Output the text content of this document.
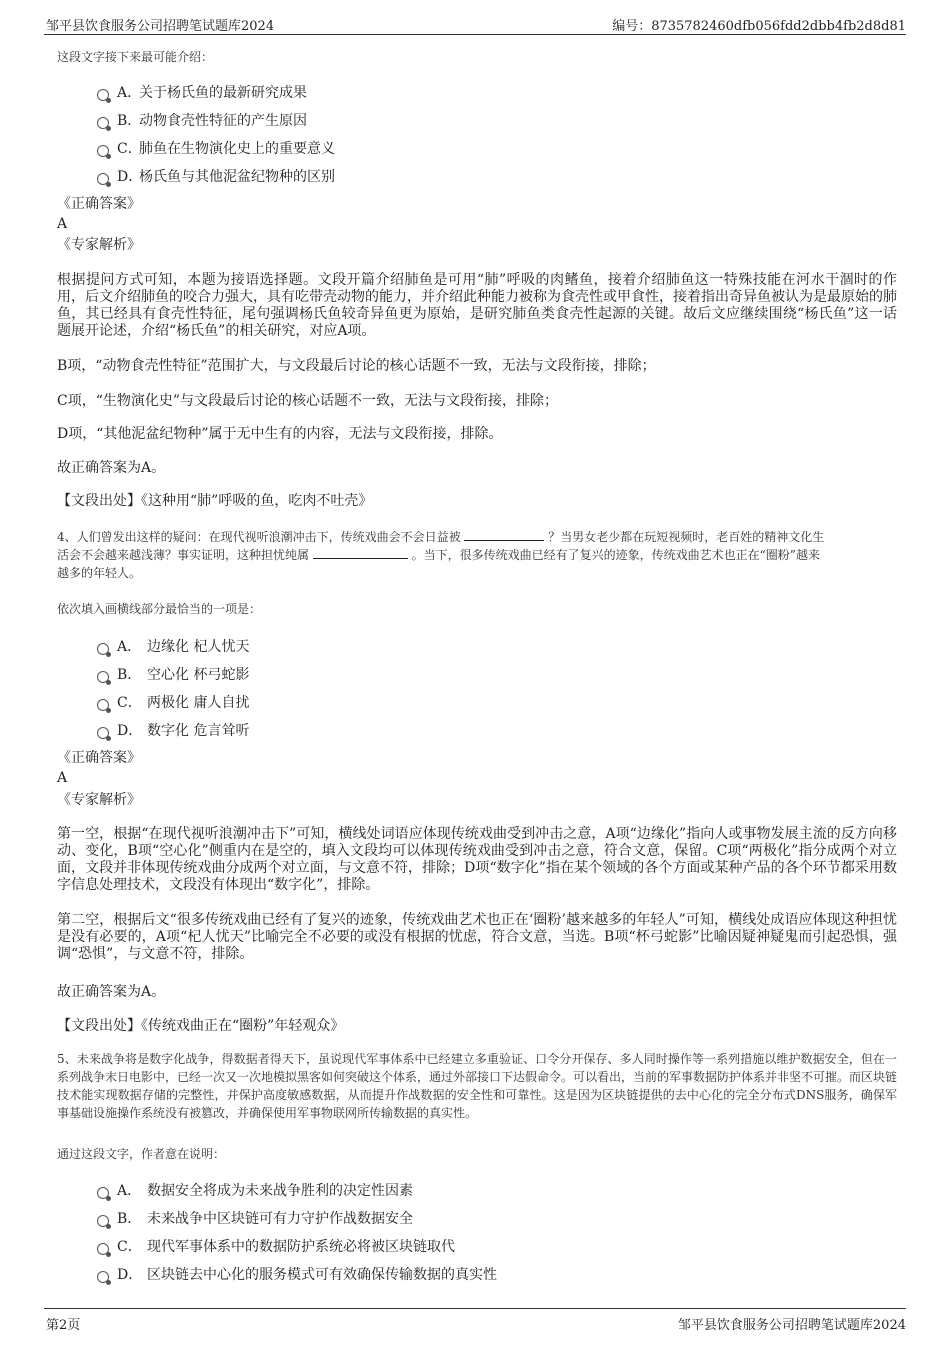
邹平县饮食服务公司招聘笔试题库2024	编号：8735782460dfb056fdd2dbb4fb2d8d81
这段文字接下来最可能介绍：
A．
关于杨氏鱼的最新研究成果
B．
动物食壳性特征的产生原因
C．
肺鱼在生物演化史上的重要意义
D．
杨氏鱼与其他泥盆纪物种的区别
《正确答案》
A
《专家解析》
根据提问方式可知，本题为接语选择题。文段开篇介绍肺鱼是可用“肺”呼吸的肉鳍鱼，接着介绍肺鱼这一特殊技能在河水干涸时的作用，后文介绍肺鱼的咬合力强大，具有吃带壳动物的能力，并介绍此种能力被称为食壳性或甲食性，接着指出奇异鱼被认为是最原始的肺鱼，其已经具有食壳性特征，尾句强调杨氏鱼较奇异鱼更为原始，是研究肺鱼类食壳性起源的关键。故后文应继续围绕“杨氏鱼”这一话题展开论述，介绍“杨氏鱼”的相关研究，对应A项。
B项，“动物食壳性特征”范围扩大，与文段最后讨论的核心话题不一致，无法与文段衔接，排除；
C项，“生物演化史”与文段最后讨论的核心话题不一致，无法与文段衔接，排除；
D项，“其他泥盆纪物种”属于无中生有的内容，无法与文段衔接，排除。
故正确答案为A。
【文段出处】《这种用“肺”呼吸的鱼，吃肉不吐壳》
4、人们曾发出这样的疑问：在现代视听浪潮冲击下，传统戏曲会不会日益被	？当男女老少都在玩短视频时，老百姓的精神文化生
活会不会越来越浅薄？事实证明，这种担忧纯属	。当下，很多传统戏曲已经有了复兴的迹象，传统戏曲艺术也正在“圈粉”越来
越多的年轻人。
依次填入画横线部分最恰当的一项是：
A． 边缘化 杞人忧天
B． 空心化 杯弓蛇影
C． 两极化 庸人自扰
D． 数字化 危言耸听
《正确答案》
A
《专家解析》
第一空，根据“在现代视听浪潮冲击下”可知，横线处词语应体现传统戏曲受到冲击之意，A项“边缘化”指向人或事物发展主流的反方向移动、变化，B项“空心化”侧重内在是空的，填入文段均可以体现传统戏曲受到冲击之意，符合文意，保留。C项“两极化”指分成两个对立面，文段并非体现传统戏曲分成两个对立面，与文意不符，排除；D项“数字化”指在某个领域的各个方面或某种产品的各个环节都采用数字信息处理技术，文段没有体现出“数字化”，排除。
第二空，根据后文“很多传统戏曲已经有了复兴的迹象，传统戏曲艺术也正在‘圈粉’越来越多的年轻人”可知，横线处成语应体现这种担忧是没有必要的，A项“杞人忧天”比喻完全不必要的或没有根据的忧虑，符合文意，当选。B项“杯弓蛇影”比喻因疑神疑鬼而引起恐惧，强调“恐惧”，与文意不符，排除。
故正确答案为A。
【文段出处】《传统戏曲正在“圈粉”年轻观众》
5、未来战争将是数字化战争，得数据者得天下，虽说现代军事体系中已经建立多重验证、口令分开保存、多人同时操作等一系列措施以维护数据安全，但在一系列战争末日电影中，已经一次又一次地模拟黑客如何突破这个体系，通过外部接口下达假命令。可以看出，当前的军事数据防护体系并非坚不可摧。而区块链技术能实现数据存储的完整性，并保护高度敏感数据，从而提升作战数据的安全性和可靠性。这是因为区块链提供的去中心化的完全分布式DNS服务，确保军事基础设施操作系统没有被篡改，并确保使用军事物联网所传输数据的真实性。
通过这段文字，作者意在说明：
A． 数据安全将成为未来战争胜利的决定性因素
B． 未来战争中区块链可有力守护作战数据安全
C． 现代军事体系中的数据防护系统必将被区块链取代
D． 区块链去中心化的服务模式可有效确保传输数据的真实性
第2页	邹平县饮食服务公司招聘笔试题库2024
